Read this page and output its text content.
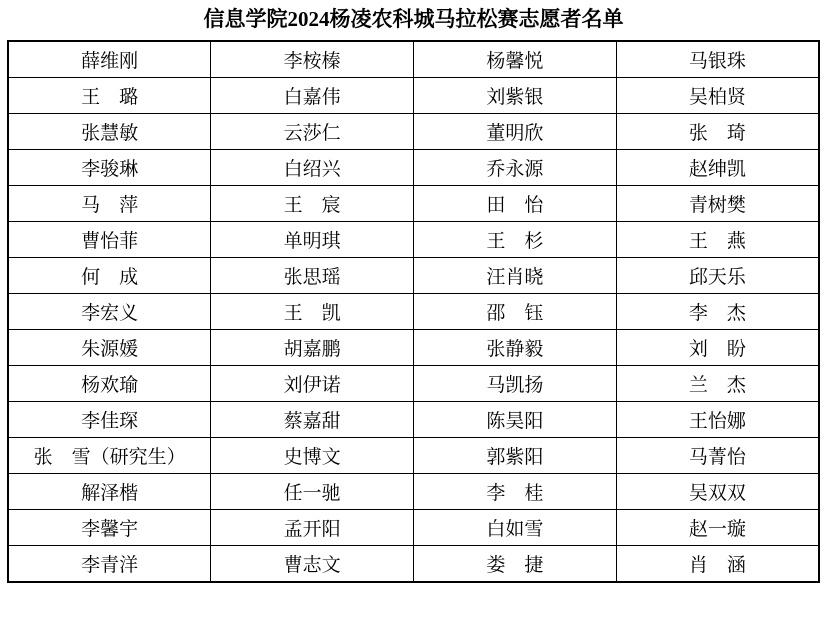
信息学院2024杨凌农科城马拉松赛志愿者名单
薛维刚	李桉榛	杨馨悦	马银珠
王　璐	白嘉伟	刘紫银	吴柏贤
张慧敏	云莎仁	董明欣	张　琦
李骏琳	白绍兴	乔永源	赵绅凯
马　萍	王　宸	田　怡	青树樊
曹怡菲	单明琪	王　杉	王　燕
何　成	张思瑶	汪肖晓	邱天乐
李宏义	王　凯	邵　钰	李　杰
朱源媛	胡嘉鹏	张静毅	刘　盼
杨欢瑜	刘伊诺	马凯扬	兰　杰
李佳琛	蔡嘉甜	陈昊阳	王怡娜
张　雪（研究生）	史博文	郭紫阳	马菁怡
解泽楷	任一驰	李　桂	吴双双
李馨宇	孟开阳	白如雪	赵一璇
李青洋	曹志文	娄　捷	肖　涵
